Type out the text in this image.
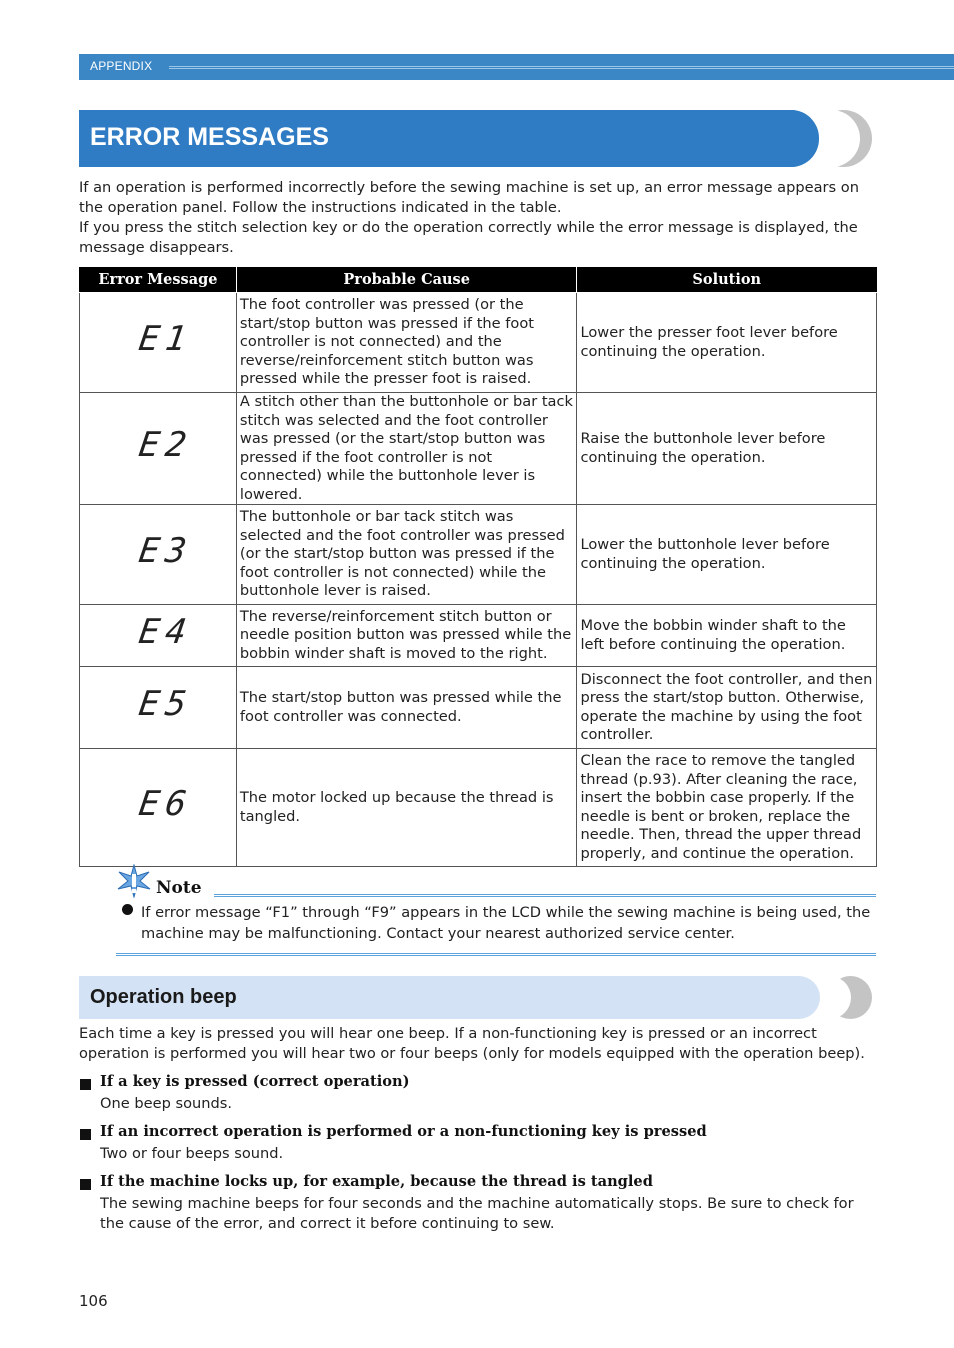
APPENDIX
ERROR MESSAGES

If an operation is performed incorrectly before the sewing machine is set up, an error message appears on the operation panel. Follow the instructions indicated in the table.

If you press the stitch selection key or do the operation correctly while the error message is displayed, the message disappears.

Error Message	Probable Cause	Solution
E1	The foot controller was pressed (or the start/stop button was pressed if the foot controller is not connected) and the reverse/reinforcement stitch button was pressed while the presser foot is raised.	Lower the presser foot lever before continuing the operation.
E2	A stitch other than the buttonhole or bar tack stitch was selected and the foot controller was pressed (or the start/stop button was pressed if the foot controller is not connected) while the buttonhole lever is lowered.	Raise the buttonhole lever before continuing the operation.
E3	The buttonhole or bar tack stitch was selected and the foot controller was pressed (or the start/stop button was pressed if the foot controller is not connected) while the buttonhole lever is raised.	Lower the buttonhole lever before continuing the operation.
E4	The reverse/reinforcement stitch button or needle position button was pressed while the bobbin winder shaft is moved to the right.	Move the bobbin winder shaft to the left before continuing the operation.
E5	The start/stop button was pressed while the foot controller was connected.	Disconnect the foot controller, and then press the start/stop button. Otherwise, operate the machine by using the foot controller.
E6	The motor locked up because the thread is tangled.	Clean the race to remove the tangled thread (p.93). After cleaning the race, insert the bobbin case properly. If the needle is bent or broken, replace the needle. Then, thread the upper thread properly, and continue the operation.
Note

If error message “F1” through “F9” appears in the LCD while the sewing machine is being used, the machine may be malfunctioning. Contact your nearest authorized service center.

Operation beep

Each time a key is pressed you will hear one beep. If a non-functioning key is pressed or an incorrect operation is performed you will hear two or four beeps (only for models equipped with the operation beep).

If a key is pressed (correct operation)

One beep sounds.

If an incorrect operation is performed or a non-functioning key is pressed

Two or four beeps sound.

If the machine locks up, for example, because the thread is tangled

The sewing machine beeps for four seconds and the machine automatically stops. Be sure to check for the cause of the error, and correct it before continuing to sew.

106
